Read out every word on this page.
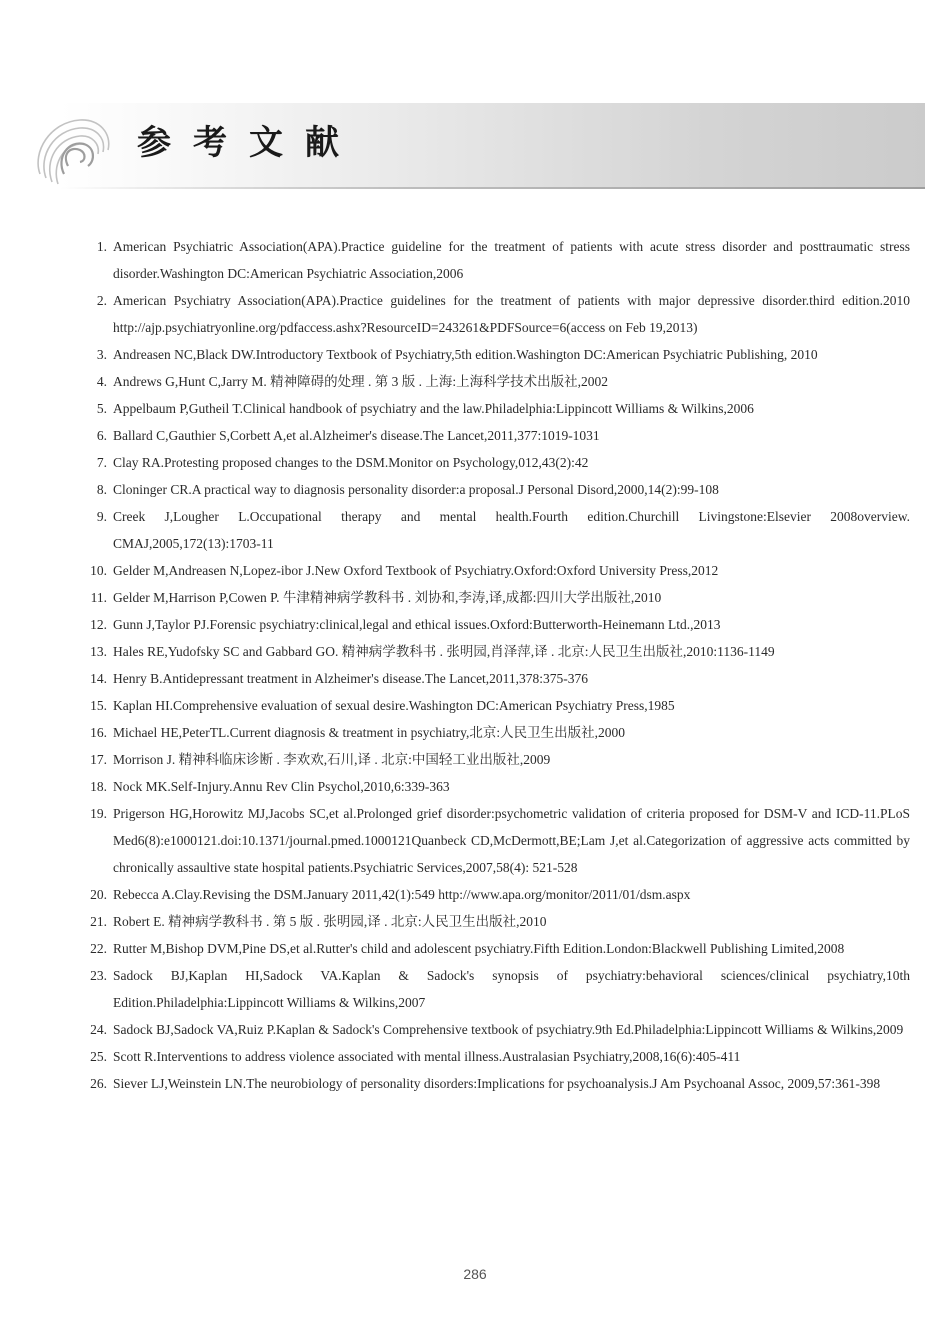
参考文献
1. American Psychiatric Association(APA).Practice guideline for the treatment of patients with acute stress disorder and posttraumatic stress disorder.Washington DC:American Psychiatric Association,2006
2. American Psychiatry Association(APA).Practice guidelines for the treatment of patients with major depressive disorder.third edition.2010 http://ajp.psychiatryonline.org/pdfaccess.ashx?ResourceID=243261&PDFSource=6(access on Feb 19,2013)
3. Andreasen NC,Black DW.Introductory Textbook of Psychiatry,5th edition.Washington DC:American Psychiatric Publishing, 2010
4. Andrews G,Hunt C,Jarry M. 精神障碍的处理 . 第 3 版 . 上海:上海科学技术出版社,2002
5. Appelbaum P,Gutheil T.Clinical handbook of psychiatry and the law.Philadelphia:Lippincott Williams & Wilkins,2006
6. Ballard C,Gauthier S,Corbett A,et al.Alzheimer's disease.The Lancet,2011,377:1019-1031
7. Clay RA.Protesting proposed changes to the DSM.Monitor on Psychology,012,43(2):42
8. Cloninger CR.A practical way to diagnosis personality disorder:a proposal.J Personal Disord,2000,14(2):99-108
9. Creek J,Lougher L.Occupational therapy and mental health.Fourth edition.Churchill Livingstone:Elsevier 2008overview. CMAJ,2005,172(13):1703-11
10. Gelder M,Andreasen N,Lopez-ibor J.New Oxford Textbook of Psychiatry.Oxford:Oxford University Press,2012
11. Gelder M,Harrison P,Cowen P. 牛津精神病学教科书 . 刘协和,李涛,译,成都:四川大学出版社,2010
12. Gunn J,Taylor PJ.Forensic psychiatry:clinical,legal and ethical issues.Oxford:Butterworth-Heinemann Ltd.,2013
13. Hales RE,Yudofsky SC and Gabbard GO. 精神病学教科书 . 张明园,肖泽萍,译 . 北京:人民卫生出版社,2010:1136-1149
14. Henry B.Antidepressant treatment in Alzheimer's disease.The Lancet,2011,378:375-376
15. Kaplan HI.Comprehensive evaluation of sexual desire.Washington DC:American Psychiatry Press,1985
16. Michael HE,PeterTL.Current diagnosis & treatment in psychiatry,北京:人民卫生出版社,2000
17. Morrison J. 精神科临床诊断 . 李欢欢,石川,译 . 北京:中国轻工业出版社,2009
18. Nock MK.Self-Injury.Annu Rev Clin Psychol,2010,6:339-363
19. Prigerson HG,Horowitz MJ,Jacobs SC,et al.Prolonged grief disorder:psychometric validation of criteria proposed for DSM-V and ICD-11.PLoS Med6(8):e1000121.doi:10.1371/journal.pmed.1000121Quanbeck CD,McDermott,BE;Lam J,et al.Categorization of aggressive acts committed by chronically assaultive state hospital patients.Psychiatric Services,2007,58(4): 521-528
20. Rebecca A.Clay.Revising the DSM.January 2011,42(1):549 http://www.apa.org/monitor/2011/01/dsm.aspx
21. Robert E. 精神病学教科书 . 第 5 版 . 张明园,译 . 北京:人民卫生出版社,2010
22. Rutter M,Bishop DVM,Pine DS,et al.Rutter's child and adolescent psychiatry.Fifth Edition.London:Blackwell Publishing Limited,2008
23. Sadock BJ,Kaplan HI,Sadock VA.Kaplan & Sadock's synopsis of psychiatry:behavioral sciences/clinical psychiatry,10th Edition.Philadelphia:Lippincott Williams & Wilkins,2007
24. Sadock BJ,Sadock VA,Ruiz P.Kaplan & Sadock's Comprehensive textbook of psychiatry.9th Ed.Philadelphia:Lippincott Williams & Wilkins,2009
25. Scott R.Interventions to address violence associated with mental illness.Australasian Psychiatry,2008,16(6):405-411
26. Siever LJ,Weinstein LN.The neurobiology of personality disorders:Implications for psychoanalysis.J Am Psychoanal Assoc, 2009,57:361-398
286
